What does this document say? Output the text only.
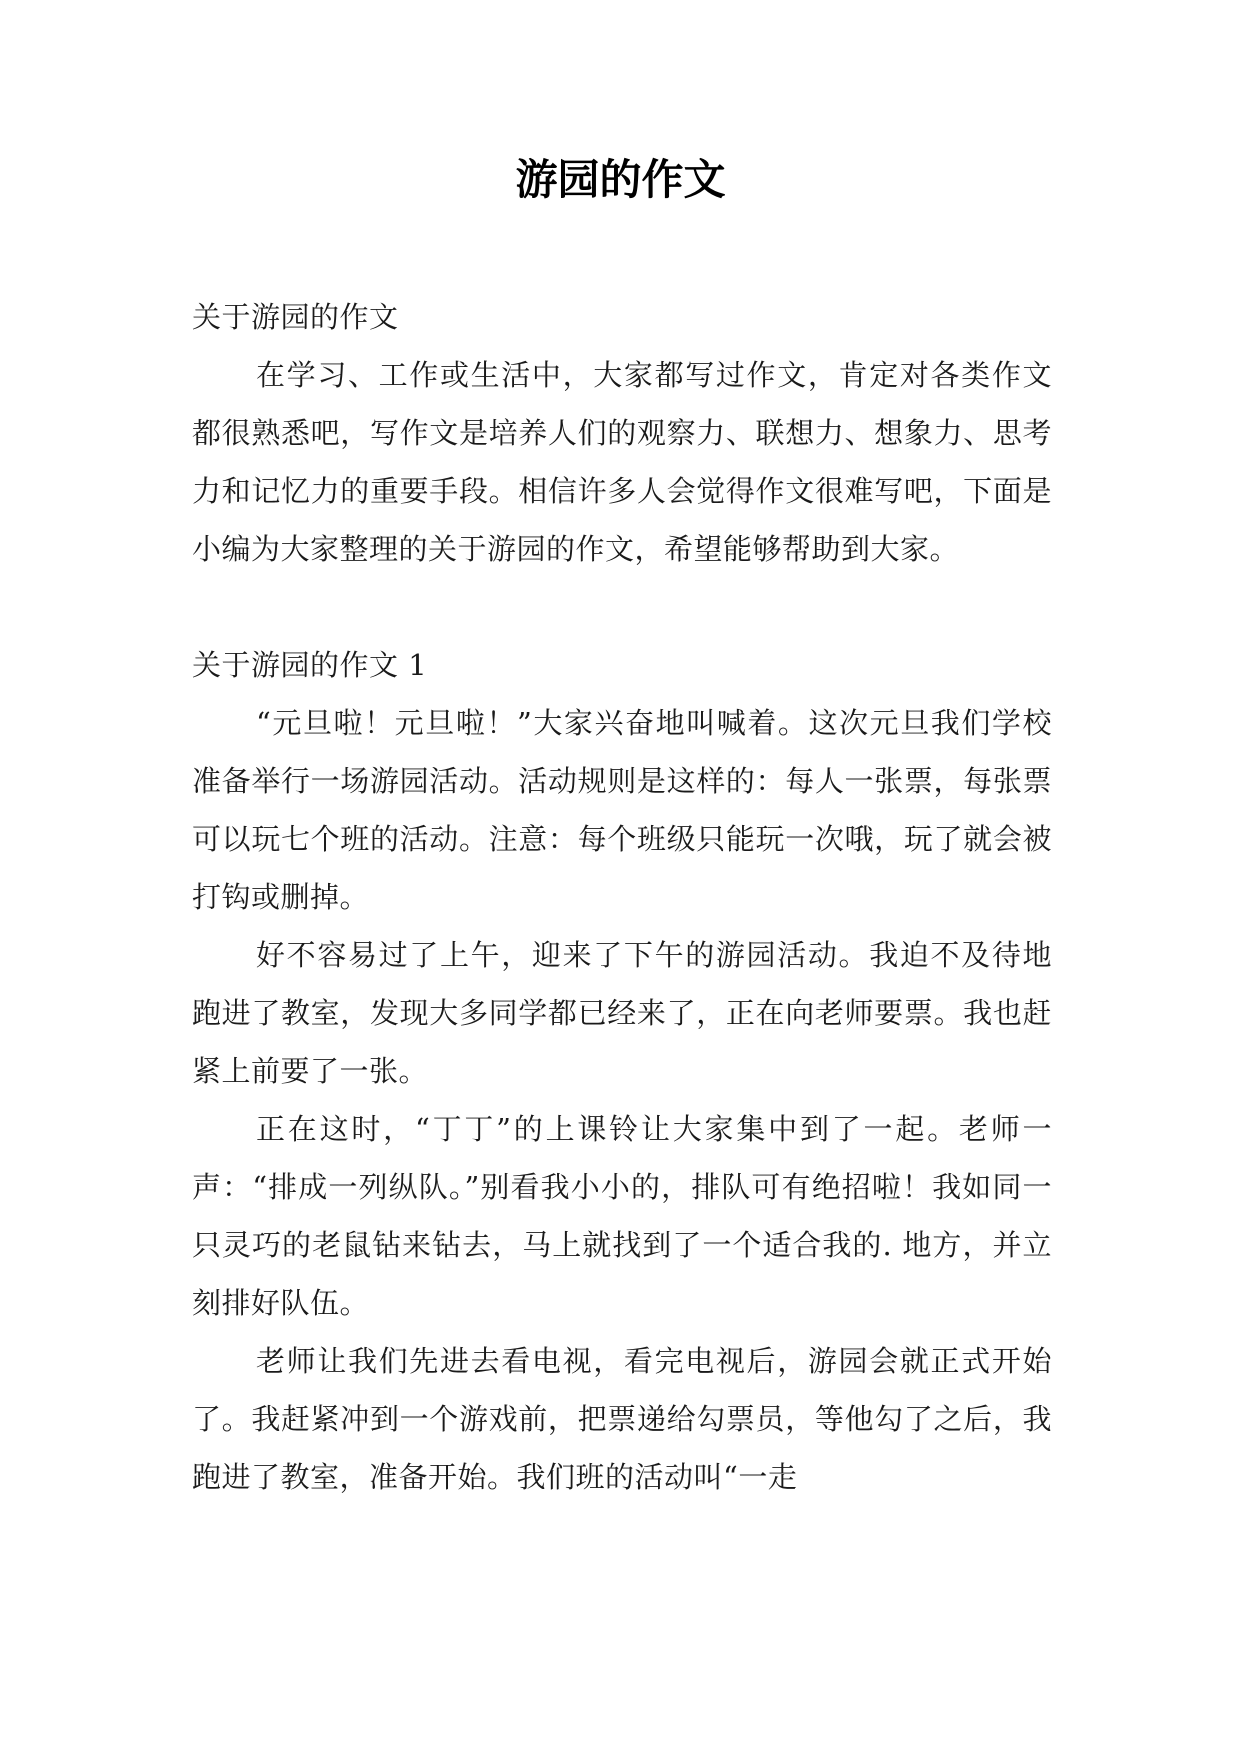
游园的作文

关于游园的作文

在学习、工作或生活中，大家都写过作文，肯定对各类作文都很熟悉吧，写作文是培养人们的观察力、联想力、想象力、思考力和记忆力的重要手段。相信许多人会觉得作文很难写吧，下面是小编为大家整理的关于游园的作文，希望能够帮助到大家。

关于游园的作文 1

“元旦啦！元旦啦！”大家兴奋地叫喊着。这次元旦我们学校准备举行一场游园活动。活动规则是这样的：每人一张票，每张票可以玩七个班的活动。注意：每个班级只能玩一次哦，玩了就会被打钩或删掉。

好不容易过了上午，迎来了下午的游园活动。我迫不及待地跑进了教室，发现大多同学都已经来了，正在向老师要票。我也赶紧上前要了一张。

正在这时，“丁丁”的上课铃让大家集中到了一起。老师一声：“排成一列纵队。”别看我小小的，排队可有绝招啦！我如同一只灵巧的老鼠钻来钻去，马上就找到了一个适合我的. 地方，并立刻排好队伍。

老师让我们先进去看电视，看完电视后，游园会就正式开始了。我赶紧冲到一个游戏前，把票递给勾票员，等他勾了之后，我跑进了教室，准备开始。我们班的活动叫“一走
